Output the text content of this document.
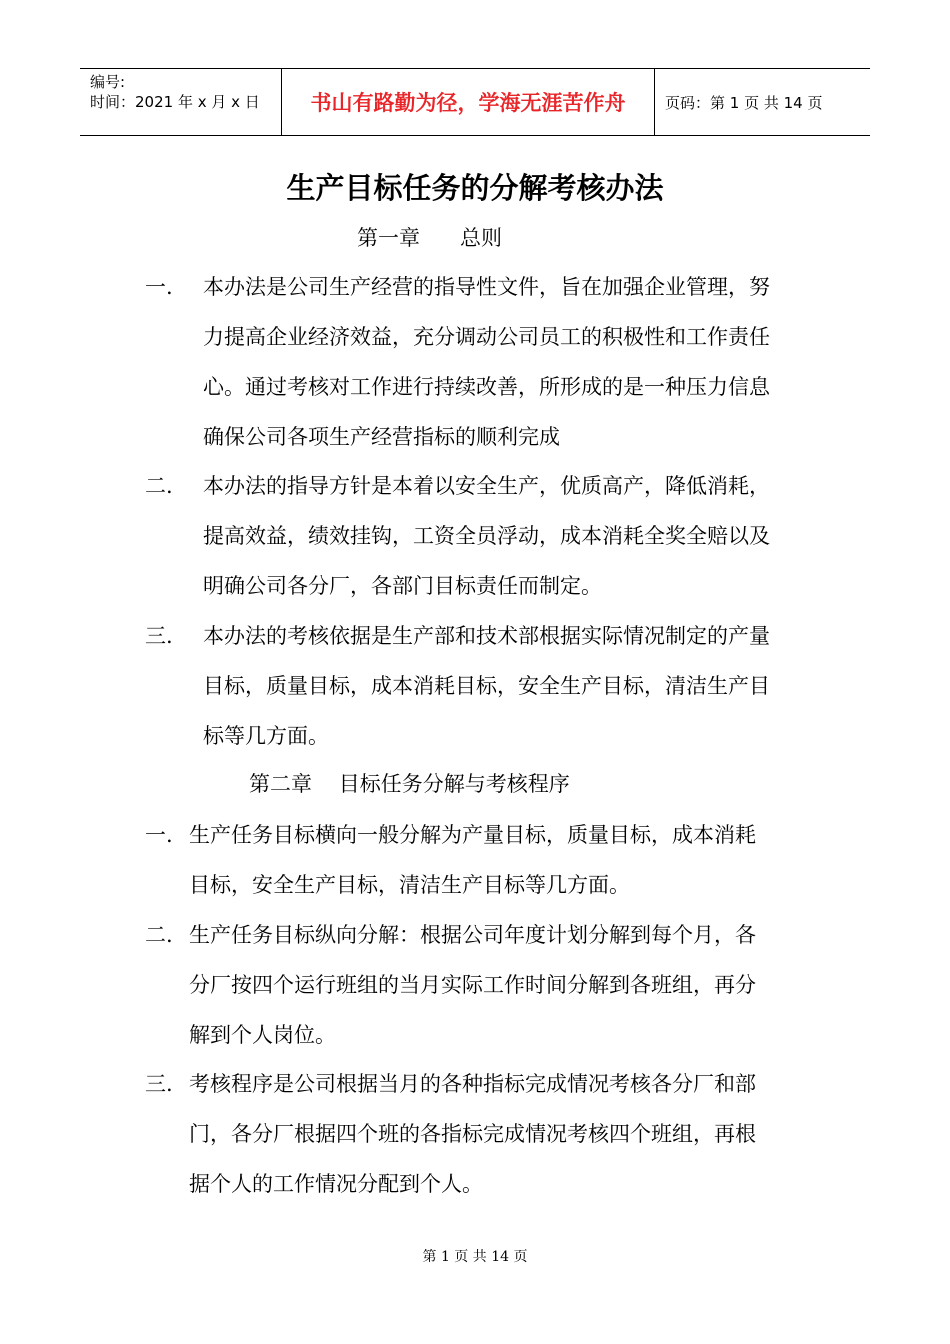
编号:
时间：2021 年 x 月 x 日	书山有路勤为径，学海无涯苦作舟	页码：第 1 页 共 14 页
生产目标任务的分解考核办法
第一章      总则
一. 本办法是公司生产经营的指导性文件，旨在加强企业管理，努
力提高企业经济效益，充分调动公司员工的积极性和工作责任
心。通过考核对工作进行持续改善，所形成的是一种压力信息
确保公司各项生产经营指标的顺利完成
二. 本办法的指导方针是本着以安全生产，优质高产，降低消耗，
提高效益，绩效挂钩，工资全员浮动，成本消耗全奖全赔以及
明确公司各分厂，各部门目标责任而制定。
三. 本办法的考核依据是生产部和技术部根据实际情况制定的产量
目标，质量目标，成本消耗目标，安全生产目标，清洁生产目
标等几方面。
第二章    目标任务分解与考核程序
一. 生产任务目标横向一般分解为产量目标，质量目标，成本消耗
目标，安全生产目标，清洁生产目标等几方面。
二. 生产任务目标纵向分解：根据公司年度计划分解到每个月，各
分厂按四个运行班组的当月实际工作时间分解到各班组，再分
解到个人岗位。
三. 考核程序是公司根据当月的各种指标完成情况考核各分厂和部
门，各分厂根据四个班的各指标完成情况考核四个班组，再根
据个人的工作情况分配到个人。
第 1 页 共 14 页
